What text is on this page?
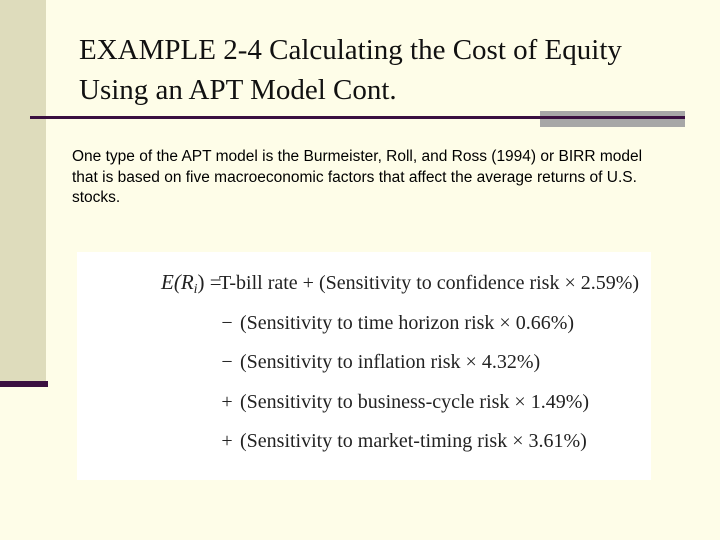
EXAMPLE 2-4 Calculating the Cost of Equity
Using an APT Model Cont.

One type of the APT model is the Burmeister, Roll, and Ross (1994) or BIRR model that is based on five macroeconomic factors that affect the average returns of U.S. stocks.

$E(R_i)$ =
T-bill rate + (Sensitivity to confidence risk × 2.59%)
− (Sensitivity to time horizon risk × 0.66%)
− (Sensitivity to inflation risk × 4.32%)
+ (Sensitivity to business-cycle risk × 1.49%)
+ (Sensitivity to market-timing risk × 3.61%)
